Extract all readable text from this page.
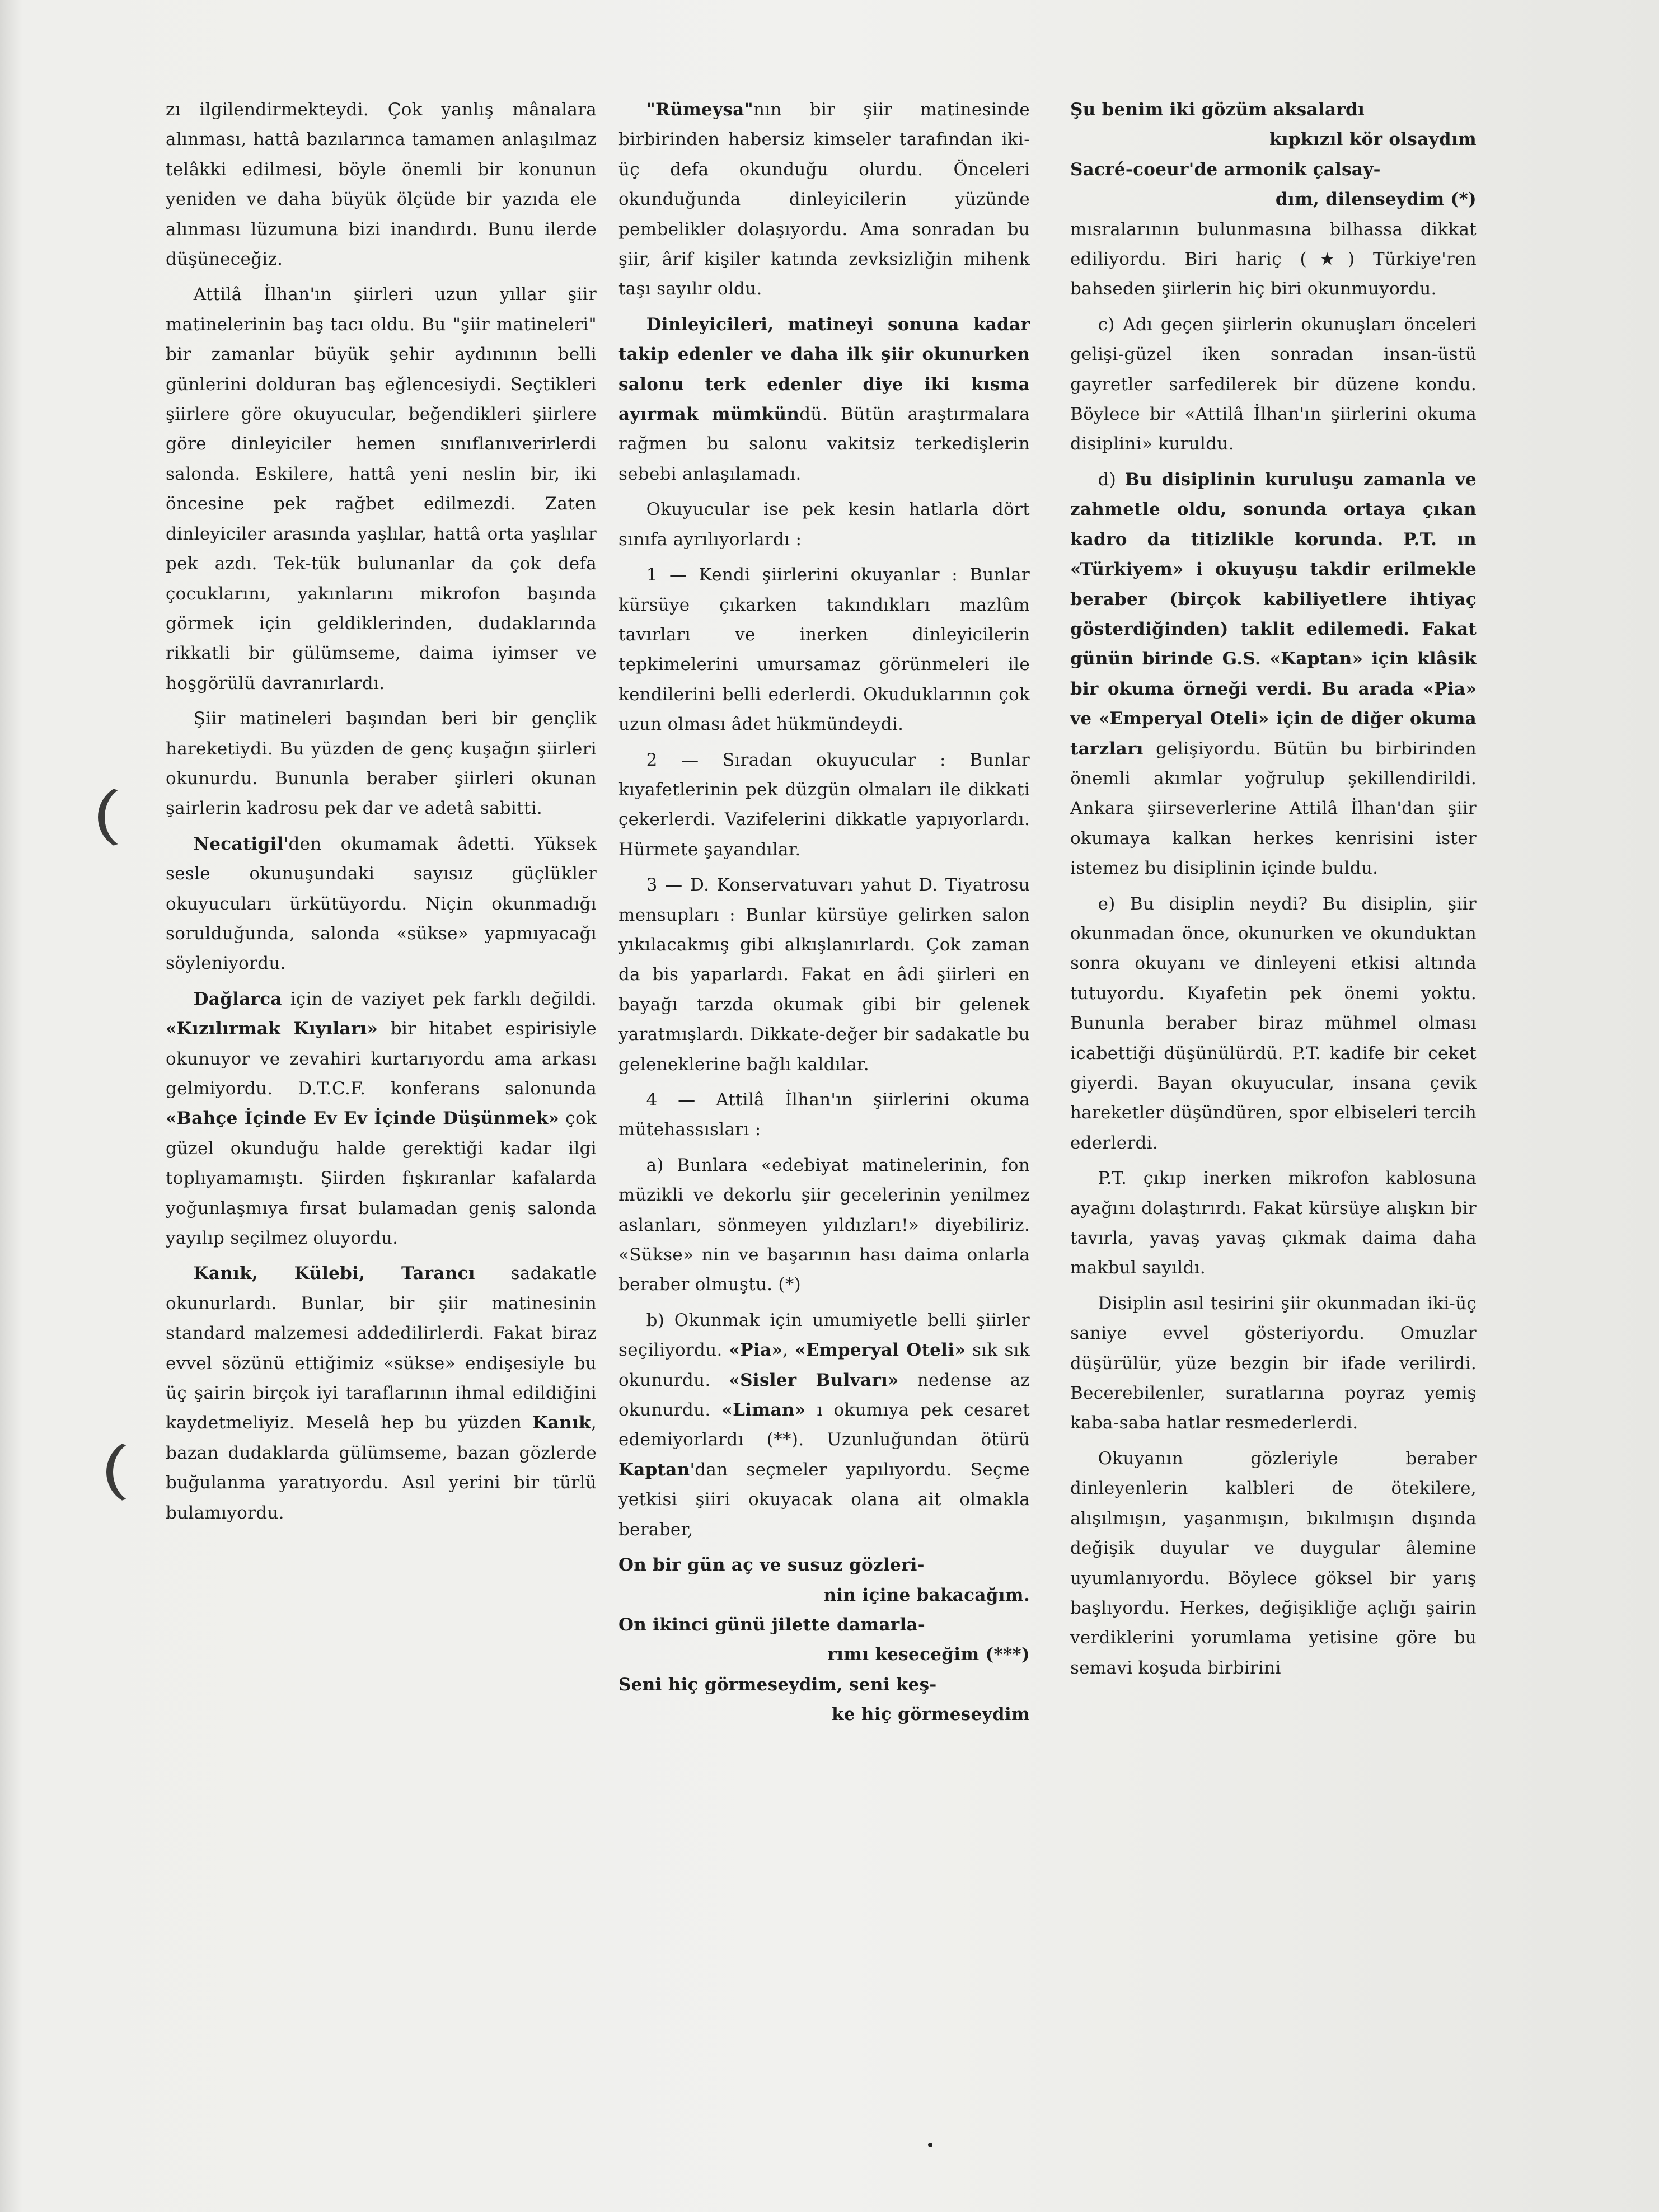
zı ilgilendirmekteydi. Çok yanlış mânalara alınması, hattâ bazılarınca tamamen anlaşılmaz telâkki edilmesi, böyle önemli bir konunun yeniden ve daha büyük ölçüde bir yazıda ele alınması lüzumuna bizi inandırdı. Bunu ilerde düşüneceğiz.

Attilâ İlhan'ın şiirleri uzun yıllar şiir matinelerinin baş tacı oldu. Bu "şiir matineleri" bir zamanlar büyük şehir aydınının belli günlerini dolduran baş eğlencesiydi. Seçtikleri şiirlere göre okuyucular, beğendikleri şiirlere göre dinleyiciler hemen sınıflanıverirlerdi salonda. Eskilere, hattâ yeni neslin bir, iki öncesine pek rağbet edilmezdi. Zaten dinleyiciler arasında yaşlılar, hattâ orta yaşlılar pek azdı. Tek-tük bulunanlar da çok defa çocuklarını, yakınlarını mikrofon başında görmek için geldiklerinden, dudaklarında rikkatli bir gülümseme, daima iyimser ve hoşgörülü davranırlardı.

Şiir matineleri başından beri bir gençlik hareketiydi. Bu yüzden de genç kuşağın şiirleri okunurdu. Bununla beraber şiirleri okunan şairlerin kadrosu pek dar ve adetâ sabitti.

Necatigil'den okumamak âdetti. Yüksek sesle okunuşundaki sayısız güçlükler okuyucuları ürkütüyordu. Niçin okunmadığı sorulduğunda, salonda «sükse» yapmıyacağı söyleniyordu.

Dağlarca için de vaziyet pek farklı değildi. «Kızılırmak Kıyıları» bir hitabet espirisiyle okunuyor ve zevahiri kurtarıyordu ama arkası gelmiyordu. D.T.C.F. konferans salonunda «Bahçe İçinde Ev Ev İçinde Düşünmek» çok güzel okunduğu halde gerektiği kadar ilgi toplıyamamıştı. Şiirden fışkıranlar kafalarda yoğunlaşmıya fırsat bulamadan geniş salonda yayılıp seçilmez oluyordu.

Kanık, Külebi, Tarancı sadakatle okunurlardı. Bunlar, bir şiir matinesinin standard malzemesi addedilirlerdi. Fakat biraz evvel sözünü ettiğimiz «sükse» endişesiyle bu üç şairin birçok iyi taraflarının ihmal edildiğini kaydetmeliyiz. Meselâ hep bu yüzden Kanık, bazan dudaklarda gülümseme, bazan gözlerde buğulanma yaratıyordu. Asıl yerini bir türlü bulamıyordu.

"Rümeysa"nın bir şiir matinesinde birbirinden habersiz kimseler tarafından iki-üç defa okunduğu olurdu. Önceleri okunduğunda dinleyicilerin yüzünde pembelikler dolaşıyordu. Ama sonradan bu şiir, ârif kişiler katında zevksizliğin mihenk taşı sayılır oldu.

Dinleyicileri, matineyi sonuna kadar takip edenler ve daha ilk şiir okunurken salonu terk edenler diye iki kısma ayırmak mümkündü. Bütün araştırmalara rağmen bu salonu vakitsiz terkedişlerin sebebi anlaşılamadı.

Okuyucular ise pek kesin hatlarla dört sınıfa ayrılıyorlardı :

1 — Kendi şiirlerini okuyanlar : Bunlar kürsüye çıkarken takındıkları mazlûm tavırları ve inerken dinleyicilerin tepkimelerini umursamaz görünmeleri ile kendilerini belli ederlerdi. Okuduklarının çok uzun olması âdet hükmündeydi.

2 — Sıradan okuyucular : Bunlar kıyafetlerinin pek düzgün olmaları ile dikkati çekerlerdi. Vazifelerini dikkatle yapıyorlardı. Hürmete şayandılar.

3 — D. Konservatuvarı yahut D. Tiyatrosu mensupları : Bunlar kürsüye gelirken salon yıkılacakmış gibi alkışlanırlardı. Çok zaman da bis yaparlardı. Fakat en âdi şiirleri en bayağı tarzda okumak gibi bir gelenek yaratmışlardı. Dikkate-değer bir sadakatle bu geleneklerine bağlı kaldılar.

4 — Attilâ İlhan'ın şiirlerini okuma mütehassısları :

a) Bunlara «edebiyat matinelerinin, fon müzikli ve dekorlu şiir gecelerinin yenilmez aslanları, sönmeyen yıldızları!» diyebiliriz. «Sükse» nin ve başarının hası daima onlarla beraber olmuştu. (*)

b) Okunmak için umumiyetle belli şiirler seçiliyordu. «Pia», «Emperyal Oteli» sık sık okunurdu. «Sisler Bulvarı» nedense az okunurdu. «Liman» ı okumıya pek cesaret edemiyorlardı (**). Uzunluğundan ötürü Kaptan'dan seçmeler yapılıyordu. Seçme yetkisi şiiri okuyacak olana ait olmakla beraber,

On bir gün aç ve susuz gözleri-
nin içine bakacağım.
On ikinci günü jilette damarla-
rımı keseceğim (***)
Seni hiç görmeseydim, seni keş-
ke hiç görmeseydim

Şu benim iki gözüm aksalardı
kıpkızıl kör olsaydım
Sacré-coeur'de armonik çalsay-
dım, dilenseydim (*)

mısralarının bulunmasına bilhassa dikkat ediliyordu. Biri hariç (★) Türkiye'ren bahseden şiirlerin hiç biri okunmuyordu.

c) Adı geçen şiirlerin okunuşları önceleri gelişi-güzel iken sonradan insan-üstü gayretler sarfedilerek bir düzene kondu. Böylece bir «Attilâ İlhan'ın şiirlerini okuma disiplini» kuruldu.

d) Bu disiplinin kuruluşu zamanla ve zahmetle oldu, sonunda ortaya çıkan kadro da titizlikle korunda. P.T. ın «Türkiyem» i okuyuşu takdir erilmekle beraber (birçok kabiliyetlere ihtiyaç gösterdiğinden) taklit edilemedi. Fakat günün birinde G.S. «Kaptan» için klâsik bir okuma örneği verdi. Bu arada «Pia» ve «Emperyal Oteli» için de diğer okuma tarzları gelişiyordu. Bütün bu birbirinden önemli akımlar yoğrulup şekillendirildi. Ankara şiirseverlerine Attilâ İlhan'dan şiir okumaya kalkan herkes kenrisini ister istemez bu disiplinin içinde buldu.

e) Bu disiplin neydi? Bu disiplin, şiir okunmadan önce, okunurken ve okunduktan sonra okuyanı ve dinleyeni etkisi altında tutuyordu. Kıyafetin pek önemi yoktu. Bununla beraber biraz mühmel olması icabettiği düşünülürdü. P.T. kadife bir ceket giyerdi. Bayan okuyucular, insana çevik hareketler düşündüren, spor elbiseleri tercih ederlerdi.

P.T. çıkıp inerken mikrofon kablosuna ayağını dolaştırırdı. Fakat kürsüye alışkın bir tavırla, yavaş yavaş çıkmak daima daha makbul sayıldı.

Disiplin asıl tesirini şiir okunmadan iki-üç saniye evvel gösteriyordu. Omuzlar düşürülür, yüze bezgin bir ifade verilirdi. Becerebilenler, suratlarına poyraz yemiş kaba-saba hatlar resmederlerdi.

Okuyanın gözleriyle beraber dinleyenlerin kalbleri de ötekilere, alışılmışın, yaşanmışın, bıkılmışın dışında değişik duyular ve duygular âlemine uyumlanıyordu. Böylece göksel bir yarış başlıyordu. Herkes, değişikliğe açlığı şairin verdiklerini yorumlama yetisine göre bu semavi koşuda birbirini
